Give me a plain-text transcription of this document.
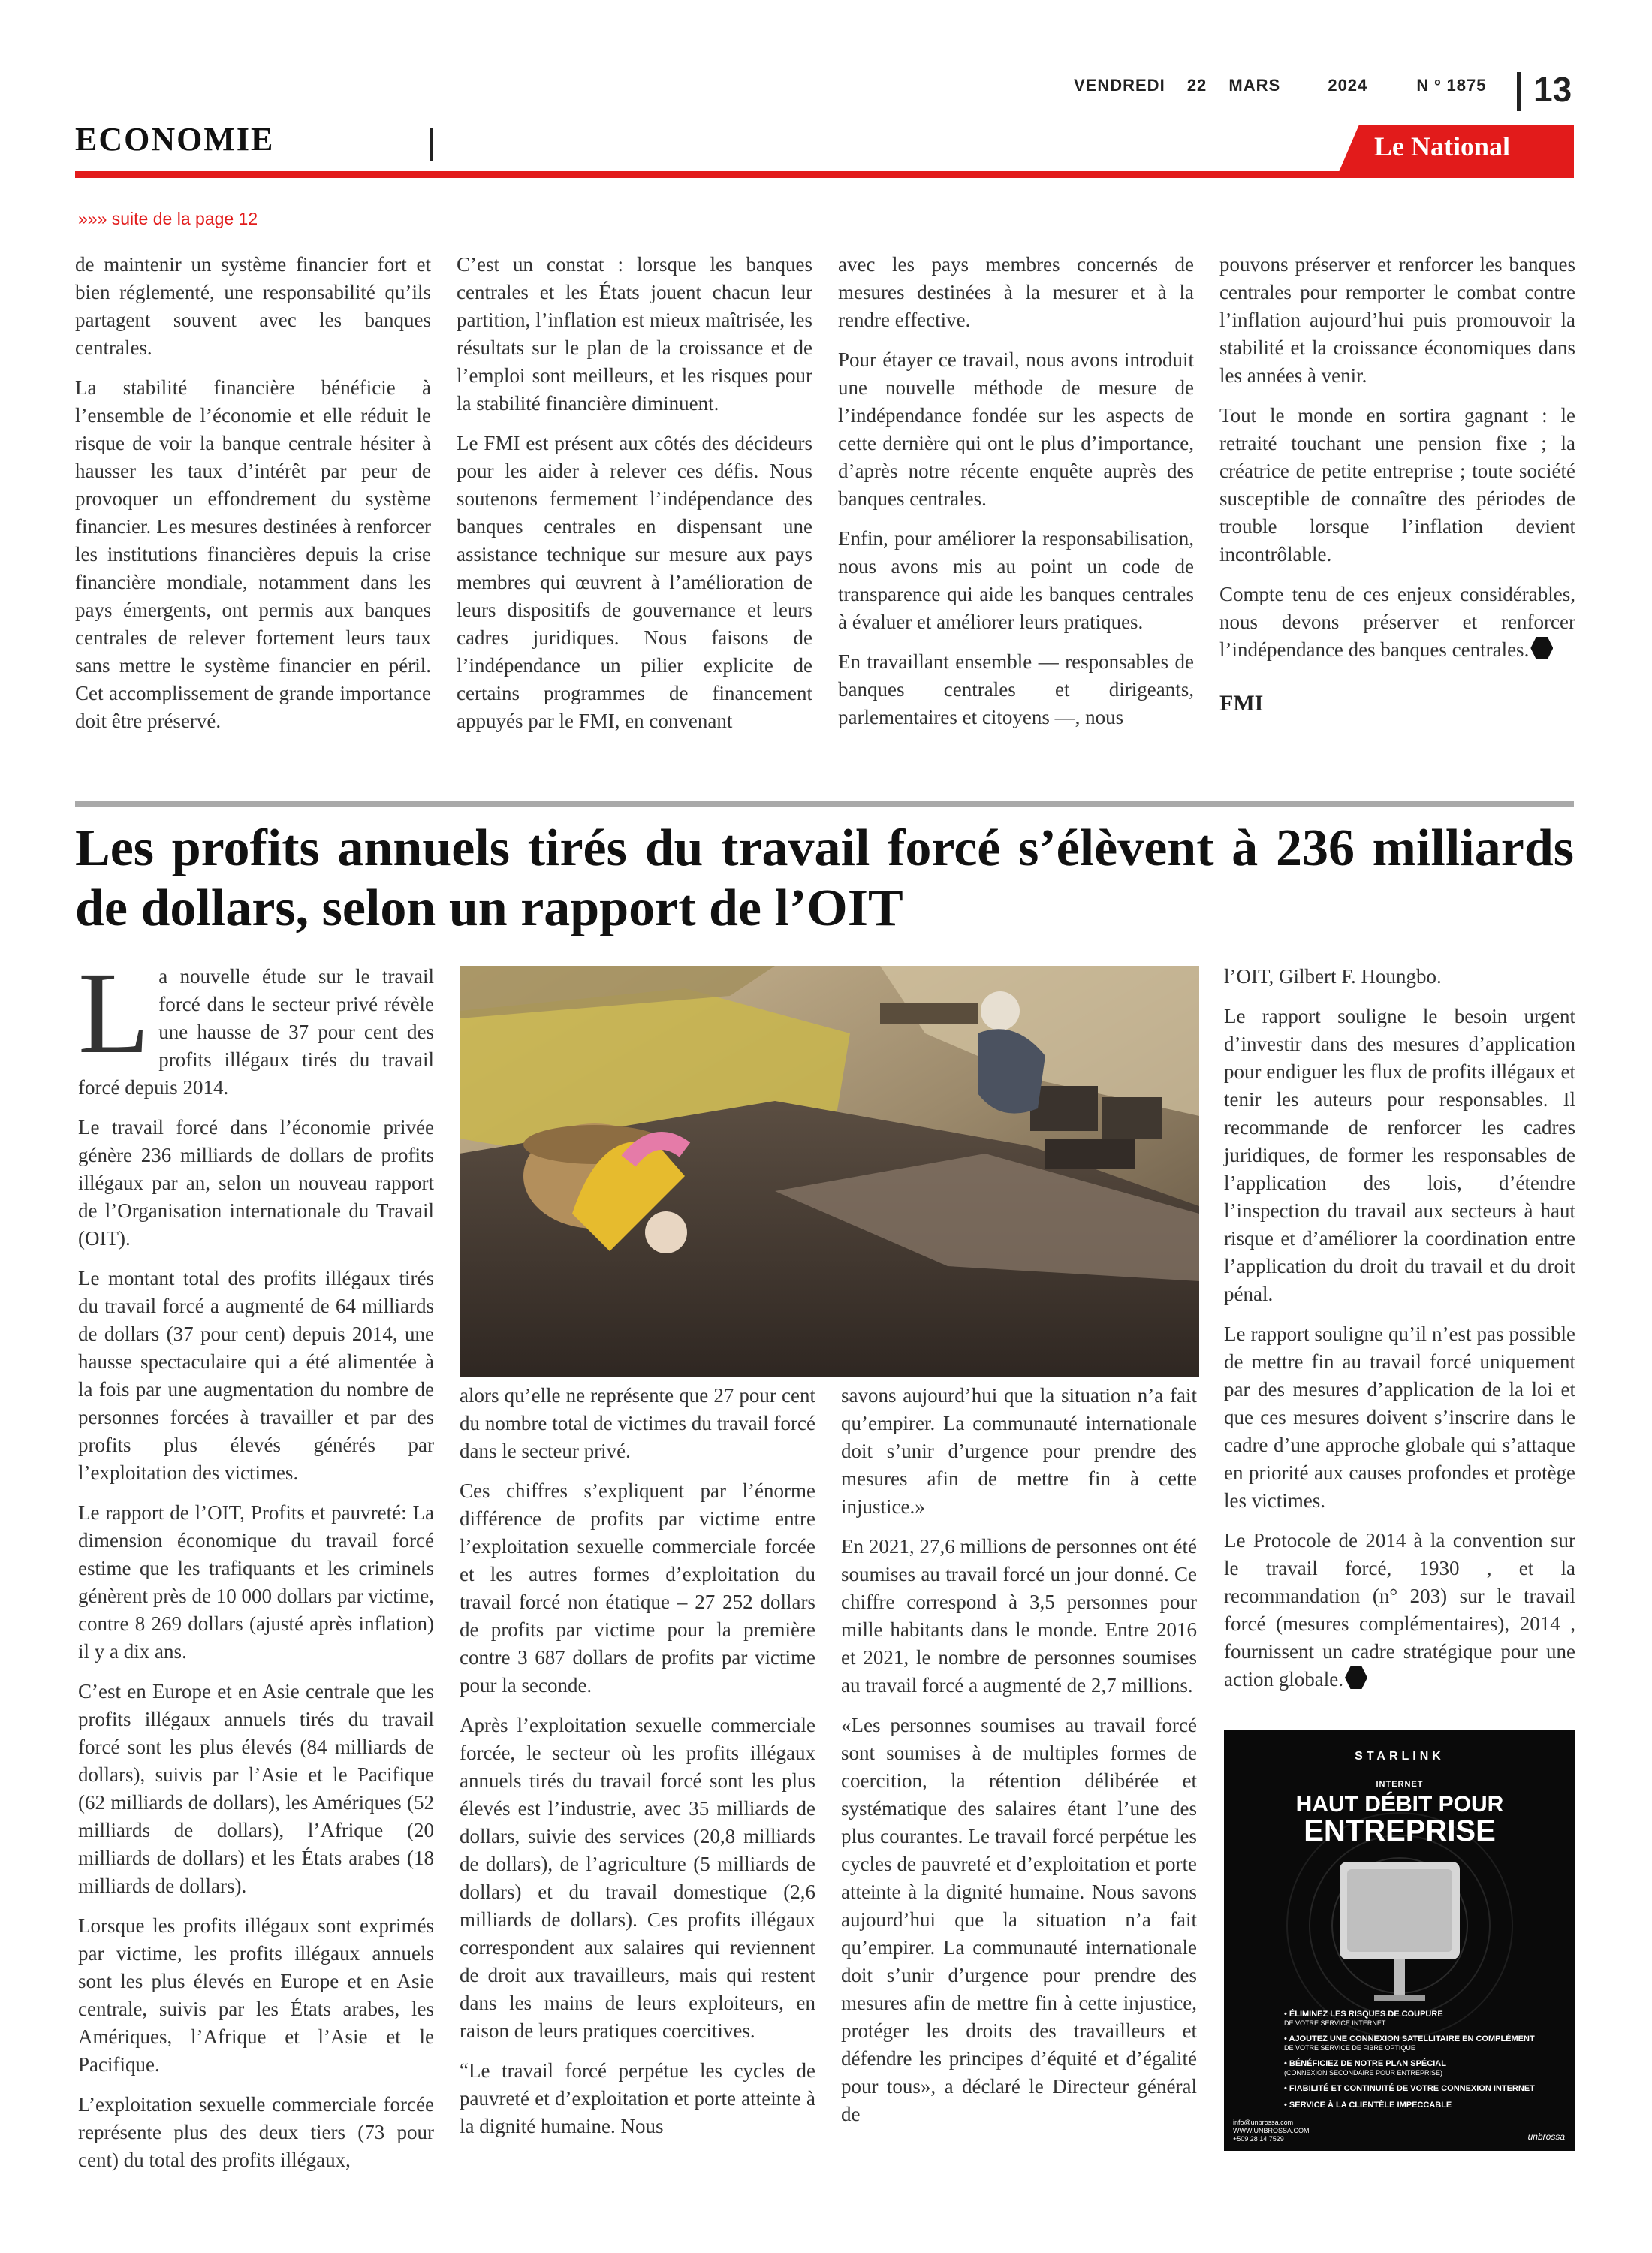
VENDREDI 22 MARS	2024	N º 1875	13
ECONOMIE	Le National
»»» suite de la page 12

de maintenir un système financier fort et bien réglementé, une responsabilité qu’ils partagent souvent avec les banques centrales.

La stabilité financière bénéficie à l’ensemble de l’économie et elle réduit le risque de voir la banque centrale hésiter à hausser les taux d’intérêt par peur de provoquer un effondrement du système financier. Les mesures destinées à renforcer les institutions financières depuis la crise financière mondiale, notamment dans les pays émergents, ont permis aux banques centrales de relever fortement leurs taux sans mettre le système financier en péril. Cet accomplissement de grande importance doit être préservé.

C’est un constat : lorsque les banques centrales et les États jouent chacun leur partition, l’inflation est mieux maîtrisée, les résultats sur le plan de la croissance et de l’emploi sont meilleurs, et les risques pour la stabilité financière diminuent.

Le FMI est présent aux côtés des décideurs pour les aider à relever ces défis. Nous soutenons fermement l’indépendance des banques centrales en dispensant une assistance technique sur mesure aux pays membres qui œuvrent à l’amélioration de leurs dispositifs de gouvernance et leurs cadres juridiques. Nous faisons de l’indépendance un pilier explicite de certains programmes de financement appuyés par le FMI, en convenant

avec les pays membres concernés de mesures destinées à la mesurer et à la rendre effective.

Pour étayer ce travail, nous avons introduit une nouvelle méthode de mesure de l’indépendance fondée sur les aspects de cette dernière qui ont le plus d’importance, d’après notre récente enquête auprès des banques centrales.

Enfin, pour améliorer la responsabilisation, nous avons mis au point un code de transparence qui aide les banques centrales à évaluer et améliorer leurs pratiques.

En travaillant ensemble — responsables de banques centrales et dirigeants, parlementaires et citoyens —, nous

pouvons préserver et renforcer les banques centrales pour remporter le combat contre l’inflation aujourd’hui puis promouvoir la stabilité et la croissance économiques dans les années à venir.

Tout le monde en sortira gagnant : le retraité touchant une pension fixe ; la créatrice de petite entreprise ; toute société susceptible de connaître des périodes de trouble lorsque l’inflation devient incontrôlable.

Compte tenu de ces enjeux considérables, nous devons préserver et renforcer l’indépendance des banques centrales.

FMI
Les profits annuels tirés du travail forcé s’élèvent à 236 milliards de dollars, selon un rapport de l’OIT

La nouvelle étude sur le travail forcé dans le secteur privé révèle une hausse de 37 pour cent des profits illégaux tirés du travail forcé depuis 2014.

Le travail forcé dans l’économie privée génère 236 milliards de dollars de profits illégaux par an, selon un nouveau rapport de l’Organisation internationale du Travail (OIT).

Le montant total des profits illégaux tirés du travail forcé a augmenté de 64 milliards de dollars (37 pour cent) depuis 2014, une hausse spectaculaire qui a été alimentée à la fois par une augmentation du nombre de personnes forcées à travailler et par des profits plus élevés générés par l’exploitation des victimes.

Le rapport de l’OIT, Profits et pauvreté: La dimension économique du travail forcé estime que les trafiquants et les criminels génèrent près de 10 000 dollars par victime, contre 8 269 dollars (ajusté après inflation) il y a dix ans.

C’est en Europe et en Asie centrale que les profits illégaux annuels tirés du travail forcé sont les plus élevés (84 milliards de dollars), suivis par l’Asie et le Pacifique (62 milliards de dollars), les Amériques (52 milliards de dollars), l’Afrique (20 milliards de dollars) et les États arabes (18 milliards de dollars).

Lorsque les profits illégaux sont exprimés par victime, les profits illégaux annuels sont les plus élevés en Europe et en Asie centrale, suivis par les États arabes, les Amériques, l’Afrique et l’Asie et le Pacifique.

L’exploitation sexuelle commerciale forcée représente plus des deux tiers (73 pour cent) du total des profits illégaux,

alors qu’elle ne représente que 27 pour cent du nombre total de victimes du travail forcé dans le secteur privé.

Ces chiffres s’expliquent par l’énorme différence de profits par victime entre l’exploitation sexuelle commerciale forcée et les autres formes d’exploitation du travail forcé non étatique – 27 252 dollars de profits par victime pour la première contre 3 687 dollars de profits par victime pour la seconde.

Après l’exploitation sexuelle commerciale forcée, le secteur où les profits illégaux annuels tirés du travail forcé sont les plus élevés est l’industrie, avec 35 milliards de dollars, suivie des services (20,8 milliards de dollars), de l’agriculture (5 milliards de dollars) et du travail domestique (2,6 milliards de dollars). Ces profits illégaux correspondent aux salaires qui reviennent de droit aux travailleurs, mais qui restent dans les mains de leurs exploiteurs, en raison de leurs pratiques coercitives.

“Le travail forcé perpétue les cycles de pauvreté et d’exploitation et porte atteinte à la dignité humaine. Nous

savons aujourd’hui que la situation n’a fait qu’empirer. La communauté internationale doit s’unir d’urgence pour prendre des mesures afin de mettre fin à cette injustice.»

En 2021, 27,6 millions de personnes ont été soumises au travail forcé un jour donné. Ce chiffre correspond à 3,5 personnes pour mille habitants dans le monde. Entre 2016 et 2021, le nombre de personnes soumises au travail forcé a augmenté de 2,7 millions.

«Les personnes soumises au travail forcé sont soumises à de multiples formes de coercition, la rétention délibérée et systématique des salaires étant l’une des plus courantes. Le travail forcé perpétue les cycles de pauvreté et d’exploitation et porte atteinte à la dignité humaine. Nous savons aujourd’hui que la situation n’a fait qu’empirer. La communauté internationale doit s’unir d’urgence pour prendre des mesures afin de mettre fin à cette injustice, protéger les droits des travailleurs et défendre les principes d’équité et d’égalité pour tous», a déclaré le Directeur général de

l’OIT, Gilbert F. Houngbo.

Le rapport souligne le besoin urgent d’investir dans des mesures d’application pour endiguer les flux de profits illégaux et tenir les auteurs pour responsables. Il recommande de renforcer les cadres juridiques, de former les responsables de l’application des lois, d’étendre l’inspection du travail aux secteurs à haut risque et d’améliorer la coordination entre l’application du droit du travail et du droit pénal.

Le rapport souligne qu’il n’est pas possible de mettre fin au travail forcé uniquement par des mesures d’application de la loi et que ces mesures doivent s’inscrire dans le cadre d’une approche globale qui s’attaque en priorité aux causes profondes et protège les victimes.

Le Protocole de 2014 à la convention sur le travail forcé, 1930 , et la recommandation (n° 203) sur le travail forcé (mesures complémentaires), 2014 , fournissent un cadre stratégique pour une action globale.

STARLINK
INTERNET
HAUT DÉBIT POUR
ENTREPRISE
• ÉLIMINEZ LES RISQUES DE COUPURE
DE VOTRE SERVICE INTERNET
• AJOUTEZ UNE CONNEXION SATELLITAIRE EN COMPLÉMENT
DE VOTRE SERVICE DE FIBRE OPTIQUE
• BÉNÉFICIEZ DE NOTRE PLAN SPÉCIAL
(CONNEXION SECONDAIRE POUR ENTREPRISE)
• FIABILITÉ ET CONTINUITÉ DE VOTRE CONNEXION INTERNET
• SERVICE À LA CLIENTÈLE IMPECCABLE
info@unbrossa.com
WWW.UNBROSSA.COM
+509 28 14 7529	unbrossa
